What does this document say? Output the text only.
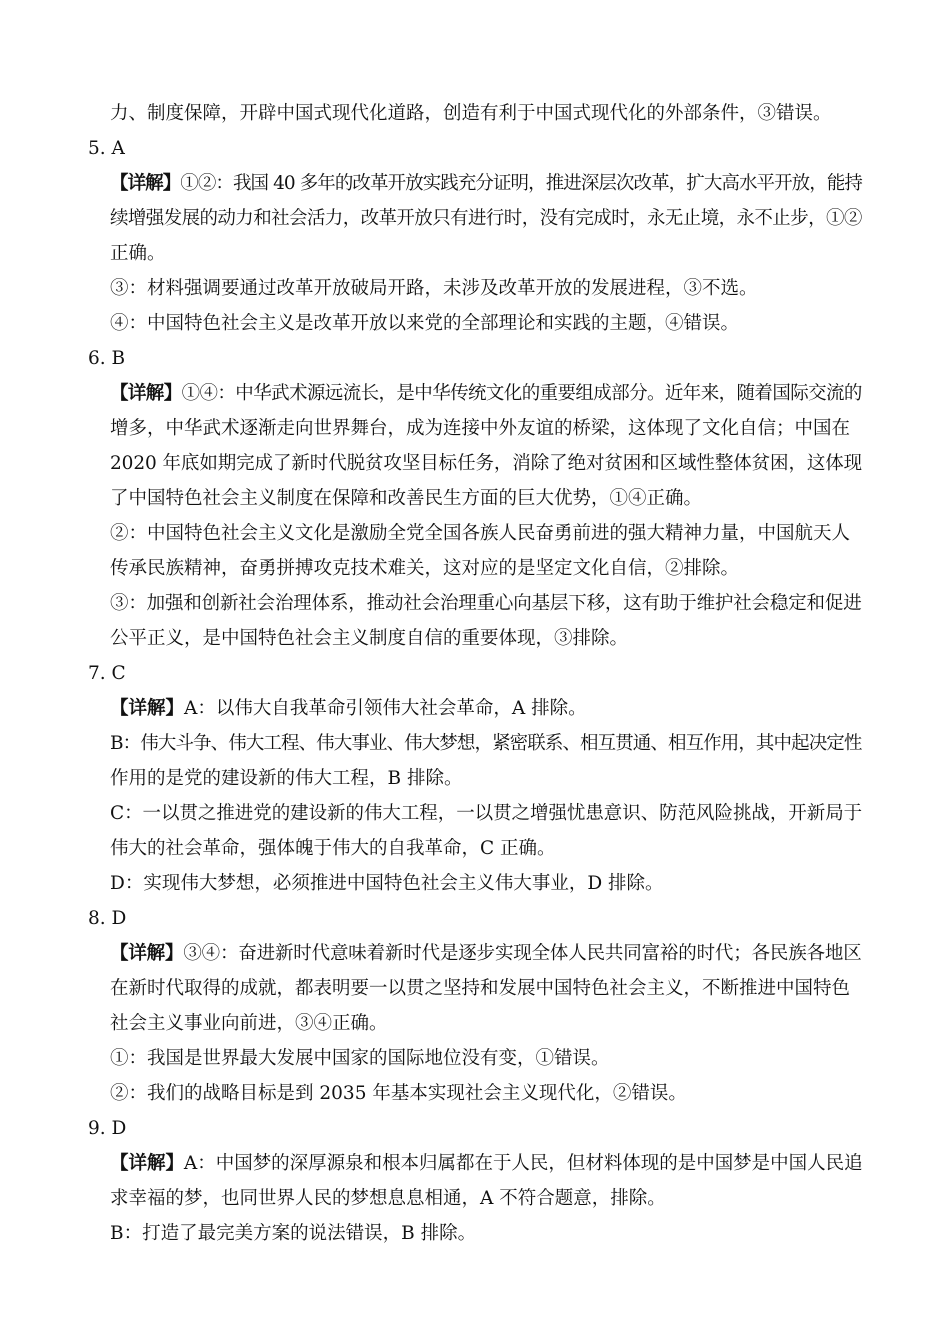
力、制度保障，开辟中国式现代化道路，创造有利于中国式现代化的外部条件，③错误。
5. A
【详解】①②：我国 40 多年的改革开放实践充分证明，推进深层次改革，扩大高水平开放，能持
续增强发展的动力和社会活力，改革开放只有进行时，没有完成时，永无止境，永不止步，①②
正确。
③：材料强调要通过改革开放破局开路，未涉及改革开放的发展进程，③不选。
④：中国特色社会主义是改革开放以来党的全部理论和实践的主题，④错误。
6. B
【详解】①④：中华武术源远流长，是中华传统文化的重要组成部分。近年来，随着国际交流的
增多，中华武术逐渐走向世界舞台，成为连接中外友谊的桥梁，这体现了文化自信；中国在
2020 年底如期完成了新时代脱贫攻坚目标任务，消除了绝对贫困和区域性整体贫困，这体现
了中国特色社会主义制度在保障和改善民生方面的巨大优势，①④正确。
②：中国特色社会主义文化是激励全党全国各族人民奋勇前进的强大精神力量，中国航天人
传承民族精神，奋勇拼搏攻克技术难关，这对应的是坚定文化自信，②排除。
③：加强和创新社会治理体系，推动社会治理重心向基层下移，这有助于维护社会稳定和促进
公平正义，是中国特色社会主义制度自信的重要体现，③排除。
7. C
【详解】A：以伟大自我革命引领伟大社会革命，A 排除。
B：伟大斗争、伟大工程、伟大事业、伟大梦想，紧密联系、相互贯通、相互作用，其中起决定性
作用的是党的建设新的伟大工程，B 排除。
C：一以贯之推进党的建设新的伟大工程，一以贯之增强忧患意识、防范风险挑战，开新局于
伟大的社会革命，强体魄于伟大的自我革命，C 正确。
D：实现伟大梦想，必须推进中国特色社会主义伟大事业，D 排除。
8. D
【详解】③④：奋进新时代意味着新时代是逐步实现全体人民共同富裕的时代；各民族各地区
在新时代取得的成就，都表明要一以贯之坚持和发展中国特色社会主义，不断推进中国特色
社会主义事业向前进，③④正确。
①：我国是世界最大发展中国家的国际地位没有变，①错误。
②：我们的战略目标是到 2035 年基本实现社会主义现代化，②错误。
9. D
【详解】A：中国梦的深厚源泉和根本归属都在于人民，但材料体现的是中国梦是中国人民追
求幸福的梦，也同世界人民的梦想息息相通，A 不符合题意，排除。
B：打造了最完美方案的说法错误，B 排除。
